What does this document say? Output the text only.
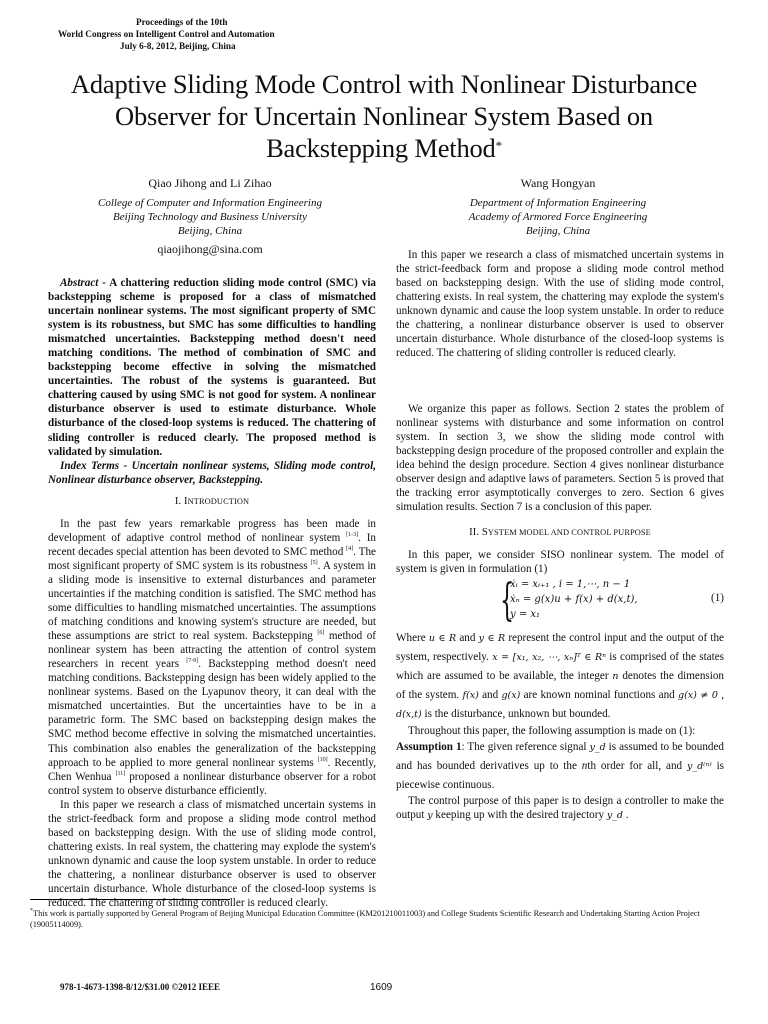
Proceedings of the 10th
World Congress on Intelligent Control and Automation
July 6-8, 2012, Beijing, China
Adaptive Sliding Mode Control with Nonlinear Disturbance Observer for Uncertain Nonlinear System Based on Backstepping Method*
Qiao Jihong and Li Zihao
College of Computer and Information Engineering
Beijing Technology and Business University
Beijing, China
qiaojihong@sina.com
Wang Hongyan
Department of Information Engineering
Academy of Armored Force Engineering
Beijing, China

Abstract - A chattering reduction sliding mode control (SMC) via backstepping scheme is proposed for a class of mismatched uncertain nonlinear systems. The most significant property of SMC system is its robustness, but SMC has some difficulties to handling mismatched uncertainties. Backstepping method doesn't need matching conditions. The method of combination of SMC and backstepping become effective in solving the mismatched uncertainties. The robust of the systems is guaranteed. But chattering caused by using SMC is not good for system. A nonlinear disturbance observer is used to estimate disturbance. Whole disturbance of the closed-loop systems is reduced. The chattering of sliding controller is reduced clearly. The proposed method is validated by simulation.

Index Terms - Uncertain nonlinear systems, Sliding mode control, Nonlinear disturbance observer, Backstepping.

I. INTRODUCTION

In the past few years remarkable progress has been made in development of adaptive control method of nonlinear system [1-3]. In recent decades special attention has been devoted to SMC method [4]. The most significant property of SMC system is its robustness [5]. A system in a sliding mode is insensitive to external disturbances and parameter uncertainties if the matching condition is satisfied. The SMC method has some difficulties to handling mismatched uncertainties. The assumptions of matching conditions and knowing system's structure are needed, but these assumptions are strict to real system. Backstepping [6] method of nonlinear system has been attracting the attention of control system researchers in recent years [7-9]. Backstepping method doesn't need matching conditions. Backstepping design has been widely applied to the nonlinear systems. Based on the Lyapunov theory, it can deal with the mismatched uncertainties. But the uncertainties have to be in a parametric form. The SMC based on backstepping design makes the SMC method become effective in solving the mismatched uncertainties. This combination also enables the generalization of the backstepping approach to be applied to more general nonlinear systems [10]. Recently, Chen Wenhua [11] proposed a nonlinear disturbance observer for a robot control system to observe disturbance efficiently.

In this paper we research a class of mismatched uncertain systems in the strict-feedback form and propose a sliding mode control method based on backstepping design. With the use of sliding mode control, chattering exists. In real system, the chattering may explode the system's unknown dynamic and cause the loop system unstable. In order to reduce the chattering, a nonlinear disturbance observer is used to observer uncertain disturbance. Whole disturbance of the closed-loop systems is reduced. The chattering of sliding controller is reduced clearly.

In this paper we research a class of mismatched uncertain systems in the strict-feedback form and propose a sliding mode control method based on backstepping design. With the use of sliding mode control, chattering exists. In real system, the chattering may explode the system's unknown dynamic and cause the loop system unstable. In order to reduce the chattering, a nonlinear disturbance observer is used to observer uncertain disturbance. Whole disturbance of the closed-loop systems is reduced. The chattering of sliding controller is reduced clearly.

We organize this paper as follows. Section 2 states the problem of nonlinear systems with disturbance and some information on control system. In section 3, we show the sliding mode control with backstepping design procedure of the proposed controller and explain the idea behind the design procedure. Section 4 gives nonlinear disturbance observer design and adaptive laws of parameters. Section 5 is proved that the tracking error asymptotically converges to zero. Section 6 gives simulation results. Section 7 is a conclusion of this paper.

II. SYSTEM MODEL AND CONTROL PURPOSE

In this paper, we consider SISO nonlinear system. The model of system is given in formulation (1)

{
ẋᵢ = xᵢ₊₁ , i = 1,⋯, n − 1
ẋₙ = g(x)u + f(x) + d(x,t),
y = x₁
(1)

Where u ∈ R and y ∈ R represent the control input and the output of the system, respectively. x = [x₁, x₂, ⋯, xₙ]ᵀ ∈ Rⁿ is comprised of the states which are assumed to be available, the integer n denotes the dimension of the system. f(x) and g(x) are known nominal functions and g(x) ≠ 0 , d(x,t) is the disturbance, unknown but bounded.

Throughout this paper, the following assumption is made on (1):

Assumption 1: The given reference signal y_d is assumed to be bounded and has bounded derivatives up to the nth order for all, and y_d⁽ⁿ⁾ is piecewise continuous.

The control purpose of this paper is to design a controller to make the output y keeping up with the desired trajectory y_d .

*This work is partially supported by General Program of Beijing Municipal Education Committee (KM201210011003) and College Students Scientific Research and Undertaking Starting Action Project (19005114009).
978-1-4673-1398-8/12/$31.00 ©2012 IEEE	1609
